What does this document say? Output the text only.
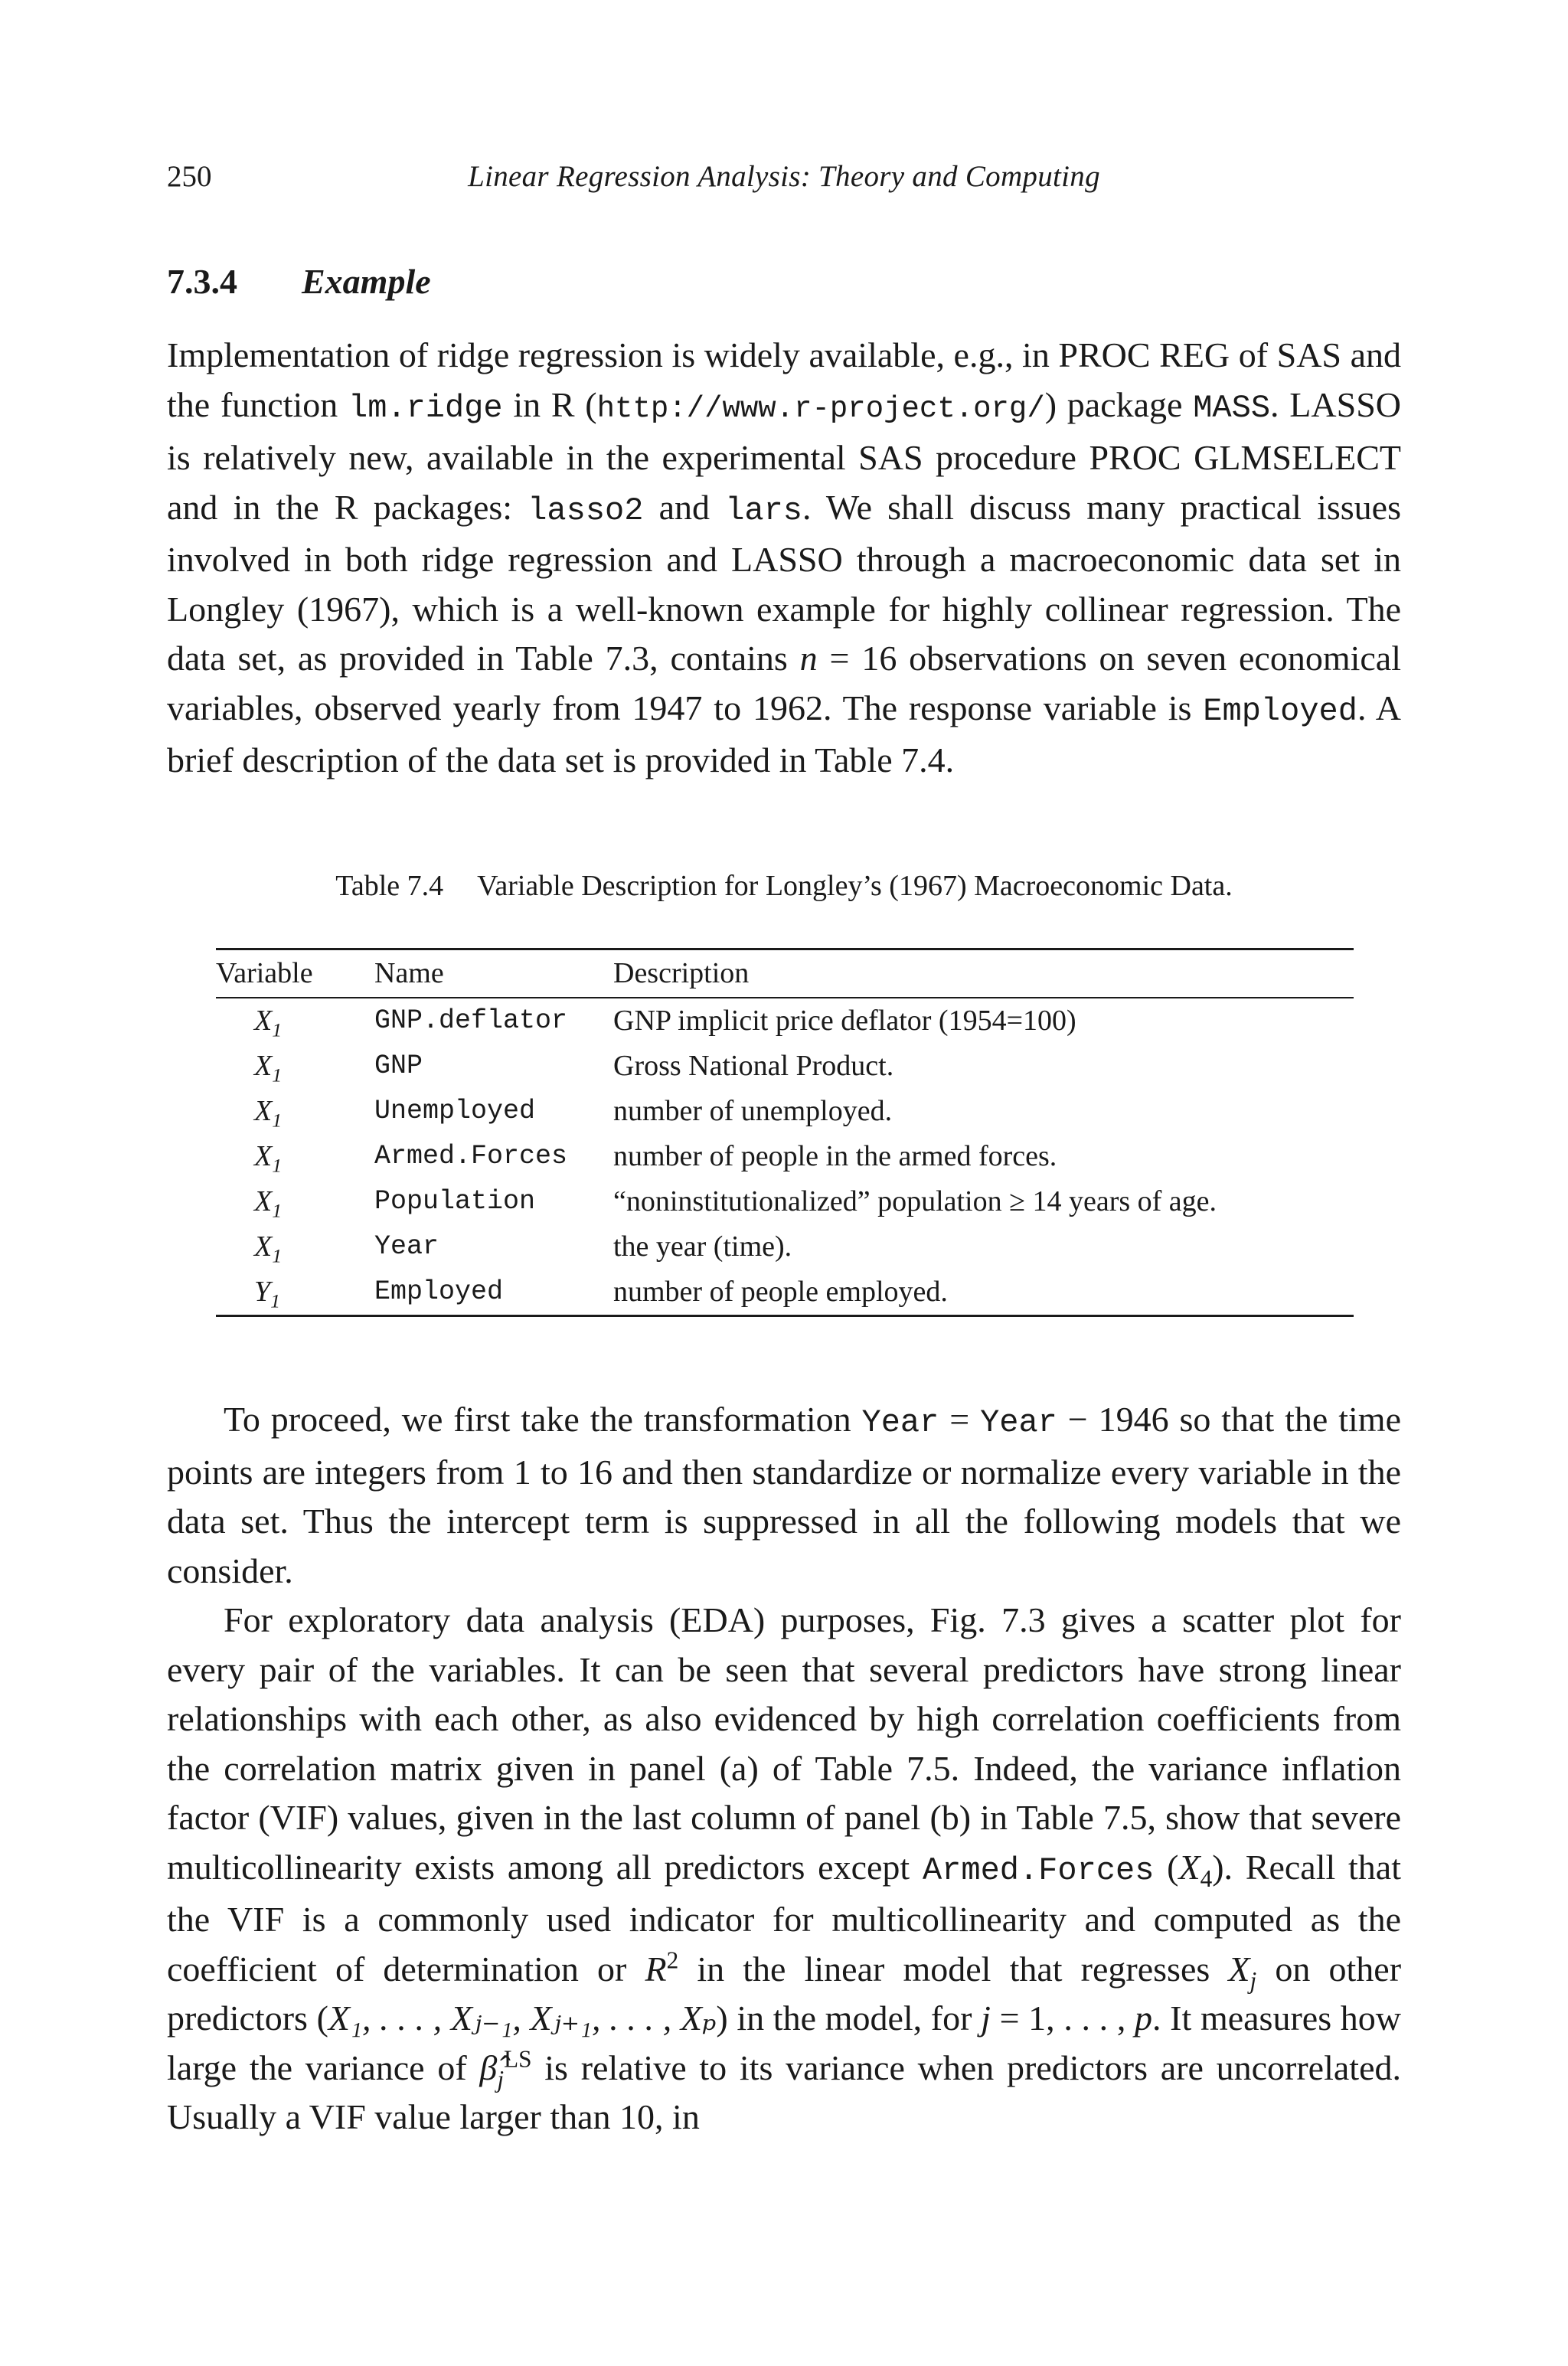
250	Linear Regression Analysis: Theory and Computing
7.3.4 Example

Implementation of ridge regression is widely available, e.g., in PROC REG of SAS and the function lm.ridge in R (http://www.r-project.org/) package MASS. LASSO is relatively new, available in the experimental SAS procedure PROC GLMSELECT and in the R packages: lasso2 and lars. We shall discuss many practical issues involved in both ridge regression and LASSO through a macroeconomic data set in Longley (1967), which is a well-known example for highly collinear regression. The data set, as provided in Table 7.3, contains n = 16 observations on seven economical variables, observed yearly from 1947 to 1962. The response variable is Employed. A brief description of the data set is provided in Table 7.4.

Table 7.4 Variable Description for Longley’s (1967) Macroeconomic Data.
Variable	Name	Description
$X_1$	GNP.deflator	GNP implicit price deflator (1954=100)
$X_1$	GNP	Gross National Product.
$X_1$	Unemployed	number of unemployed.
$X_1$	Armed.Forces	number of people in the armed forces.
$X_1$	Population	“noninstitutionalized” population ≥ 14 years of age.
$X_1$	Year	the year (time).
$Y_1$	Employed	number of people employed.

To proceed, we first take the transformation Year = Year − 1946 so that the time points are integers from 1 to 16 and then standardize or normalize every variable in the data set. Thus the intercept term is suppressed in all the following models that we consider.

For exploratory data analysis (EDA) purposes, Fig. 7.3 gives a scatter plot for every pair of the variables. It can be seen that several predictors have strong linear relationships with each other, as also evidenced by high correlation coefficients from the correlation matrix given in panel (a) of Table 7.5. Indeed, the variance inflation factor (VIF) values, given in the last column of panel (b) in Table 7.5, show that severe multicollinearity exists among all predictors except Armed.Forces $(X_4)$. Recall that the VIF is a commonly used indicator for multicollinearity and computed as the coefficient of determination or $R^2$ in the linear model that regresses $X_j$ on other predictors (X₁, . . . , Xⱼ₋₁, Xⱼ₊₁, . . . , Xₚ) in the model, for j = 1, . . . , p. It measures how large the variance of $\betâ_j^{LS}$ is relative to its variance when predictors are uncorrelated. Usually a VIF value larger than 10, in
